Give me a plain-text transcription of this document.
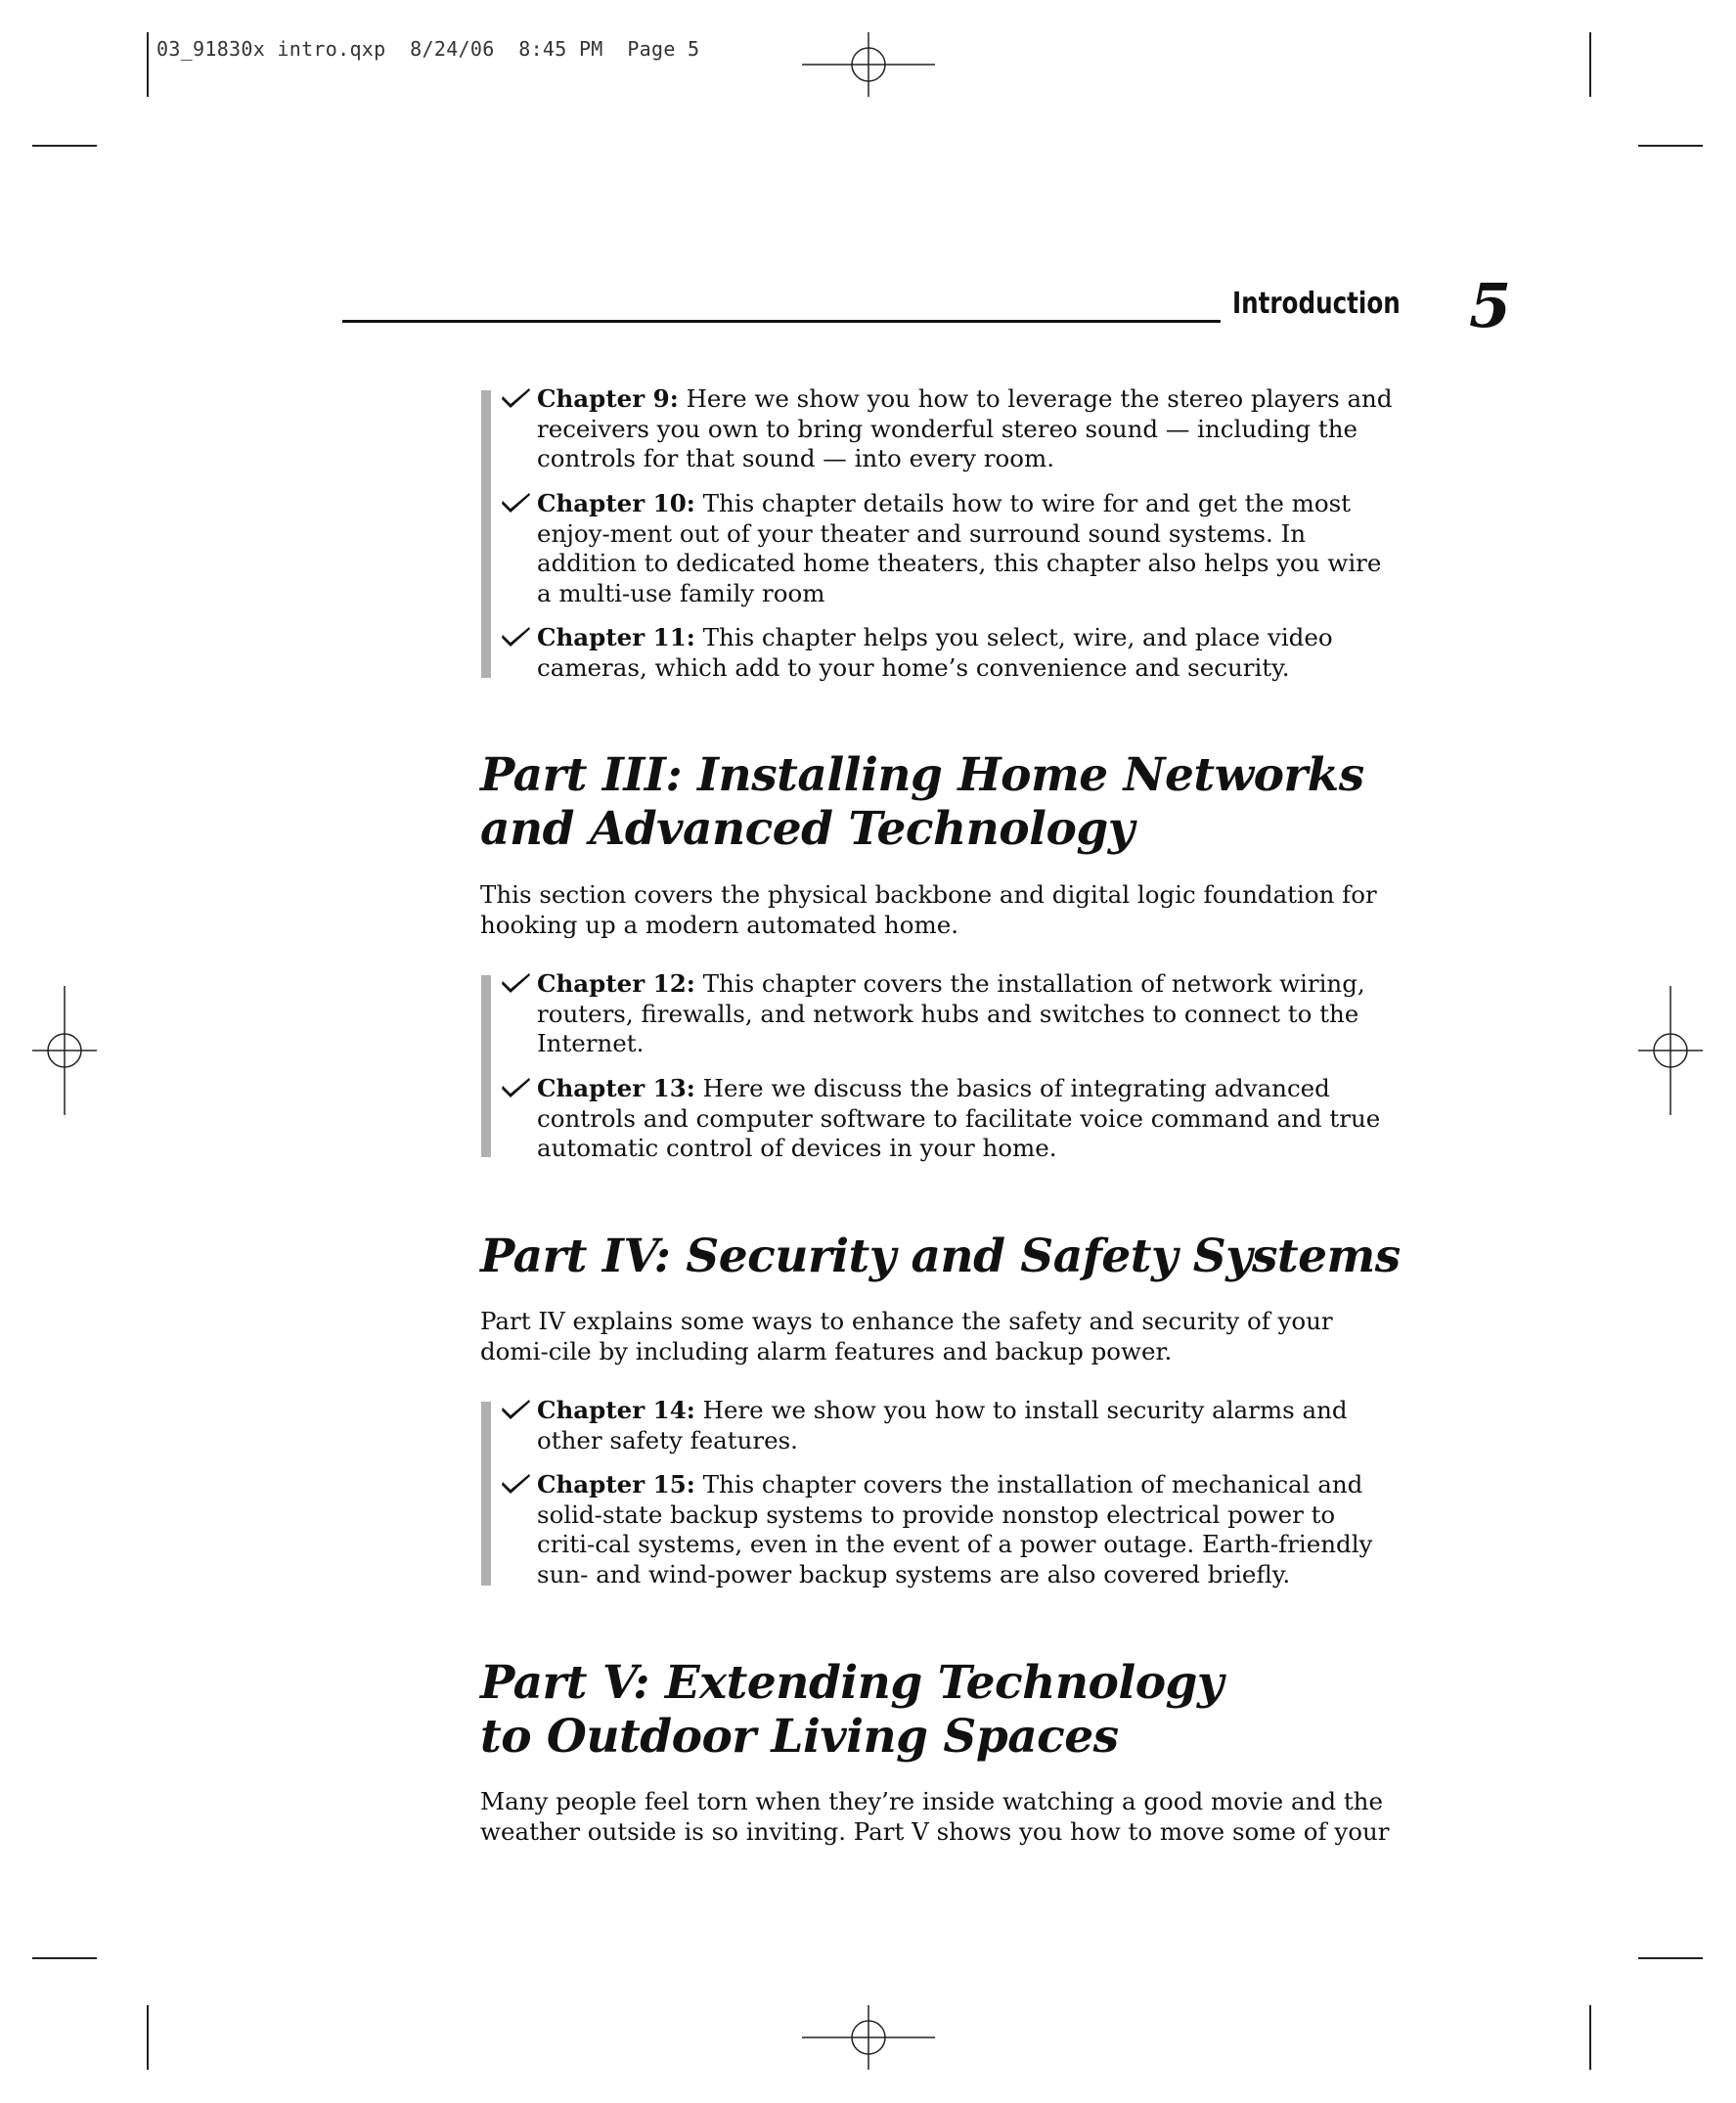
03_91830x intro.qxp 8/24/06 8:45 PM Page 5
Introduction 5
Chapter 9: Here we show you how to leverage the stereo players and receivers you own to bring wonderful stereo sound — including the controls for that sound — into every room.
Chapter 10: This chapter details how to wire for and get the most enjoy-ment out of your theater and surround sound systems. In addition to dedicated home theaters, this chapter also helps you wire a multi-use family room
Chapter 11: This chapter helps you select, wire, and place video cameras, which add to your home’s convenience and security.
Part III: Installing Home Networks
and Advanced Technology
This section covers the physical backbone and digital logic foundation for hooking up a modern automated home.
Chapter 12: This chapter covers the installation of network wiring, routers, firewalls, and network hubs and switches to connect to the Internet.
Chapter 13: Here we discuss the basics of integrating advanced controls and computer software to facilitate voice command and true automatic control of devices in your home.
Part IV: Security and Safety Systems
Part IV explains some ways to enhance the safety and security of your domi-cile by including alarm features and backup power.
Chapter 14: Here we show you how to install security alarms and other safety features.
Chapter 15: This chapter covers the installation of mechanical and solid-state backup systems to provide nonstop electrical power to criti-cal systems, even in the event of a power outage. Earth-friendly sun- and wind-power backup systems are also covered briefly.
Part V: Extending Technology
to Outdoor Living Spaces
Many people feel torn when they’re inside watching a good movie and the weather outside is so inviting. Part V shows you how to move some of your
